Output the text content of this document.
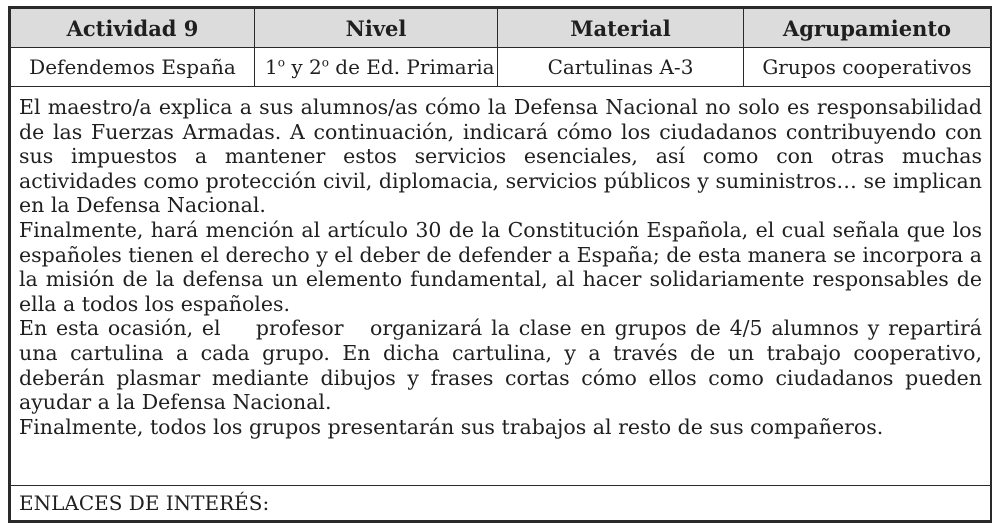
Actividad 9	Nivel	Material	Agrupamiento
Defendemos España	1$^o$ y 2$^o$ de Ed. Primaria	Cartulinas A-3	Grupos cooperativos

El maestro/a explica a sus alumnos/as cómo la Defensa Nacional no solo es responsabilidad de las Fuerzas Armadas. A continuación, indicará cómo los ciudadanos contribuyendo con sus impuestos a mantener estos servicios esenciales, así como con otras muchas actividades como protección civil, diplomacia, servicios públicos y suministros… se implican en la Defensa Nacional.

Finalmente, hará mención al artículo 30 de la Constitución Española, el cual señala que los españoles tienen el derecho y el deber de defender a España; de esta manera se incorpora a la misión de la defensa un elemento fundamental, al hacer solidariamente responsables de ella a todos los españoles.

En esta ocasión, el    profesor   organizará la clase en grupos de 4/5 alumnos y repartirá una cartulina a cada grupo. En dicha cartulina, y a través de un trabajo cooperativo, deberán plasmar mediante dibujos y frases cortas cómo ellos como ciudadanos pueden ayudar a la Defensa Nacional.

Finalmente, todos los grupos presentarán sus trabajos al resto de sus compañeros.			

ENLACES DE INTERÉS:			
